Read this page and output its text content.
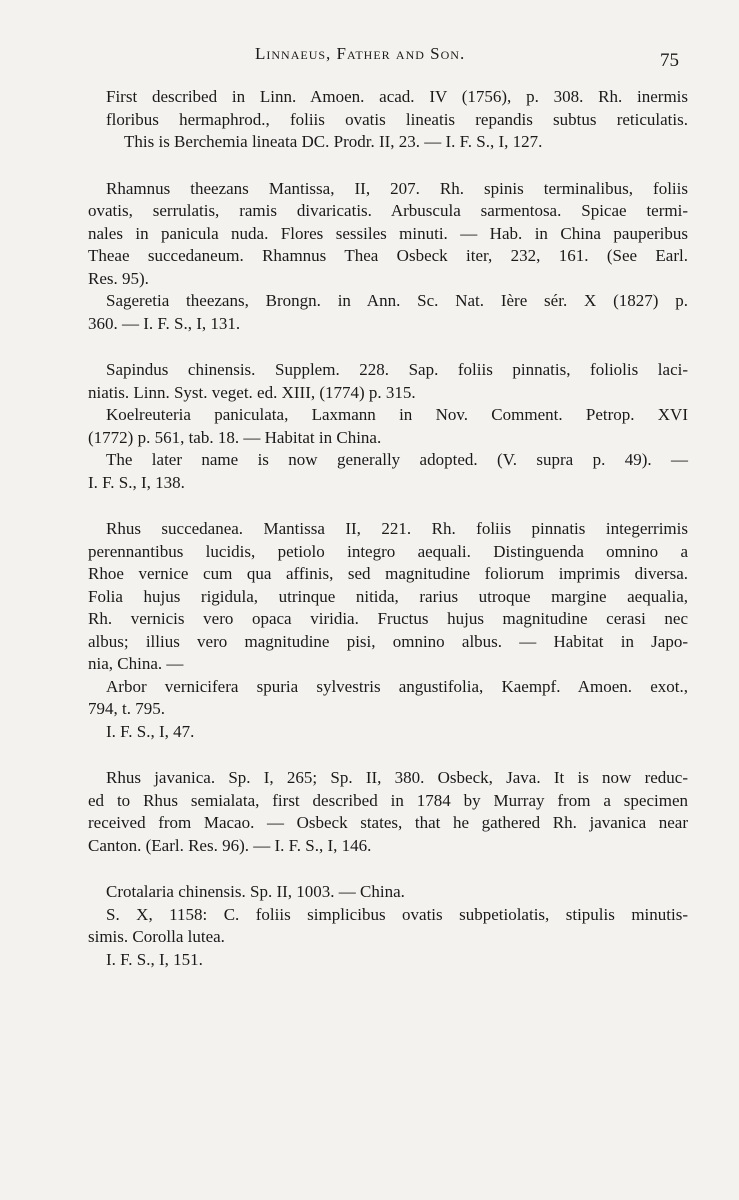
Linnaeus, Father and Son.	75

First described in Linn. Amoen. acad. IV (1756), p. 308. Rh. inermis
floribus hermaphrod., foliis ovatis lineatis repandis subtus reticulatis.
This is Berchemia lineata DC. Prodr. II, 23. — I. F. S., I, 127.

Rhamnus theezans Mantissa, II, 207. Rh. spinis terminalibus, foliis
ovatis, serrulatis, ramis divaricatis. Arbuscula sarmentosa. Spicae termi-
nales in panicula nuda. Flores sessiles minuti. — Hab. in China pauperibus
Theae succedaneum. Rhamnus Thea Osbeck iter, 232, 161. (See Earl.
Res. 95).
Sageretia theezans, Brongn. in Ann. Sc. Nat. Ière sér. X (1827) p.
360. — I. F. S., I, 131.

Sapindus chinensis. Supplem. 228. Sap. foliis pinnatis, foliolis laci-
niatis. Linn. Syst. veget. ed. XIII, (1774) p. 315.
Koelreuteria paniculata, Laxmann in Nov. Comment. Petrop. XVI
(1772) p. 561, tab. 18. — Habitat in China.
The later name is now generally adopted. (V. supra p. 49). —
I. F. S., I, 138.

Rhus succedanea. Mantissa II, 221. Rh. foliis pinnatis integerrimis
perennantibus lucidis, petiolo integro aequali. Distinguenda omnino a
Rhoe vernice cum qua affinis, sed magnitudine foliorum imprimis diversa.
Folia hujus rigidula, utrinque nitida, rarius utroque margine aequalia,
Rh. vernicis vero opaca viridia. Fructus hujus magnitudine cerasi nec
albus; illius vero magnitudine pisi, omnino albus. — Habitat in Japo-
nia, China. —
Arbor vernicifera spuria sylvestris angustifolia, Kaempf. Amoen. exot.,
794, t. 795.
I. F. S., I, 47.

Rhus javanica. Sp. I, 265; Sp. II, 380. Osbeck, Java. It is now reduc-
ed to Rhus semialata, first described in 1784 by Murray from a specimen
received from Macao. — Osbeck states, that he gathered Rh. javanica near
Canton. (Earl. Res. 96). — I. F. S., I, 146.

Crotalaria chinensis. Sp. II, 1003. — China.
S. X, 1158: C. foliis simplicibus ovatis subpetiolatis, stipulis minutis-
simis. Corolla lutea.
I. F. S., I, 151.
